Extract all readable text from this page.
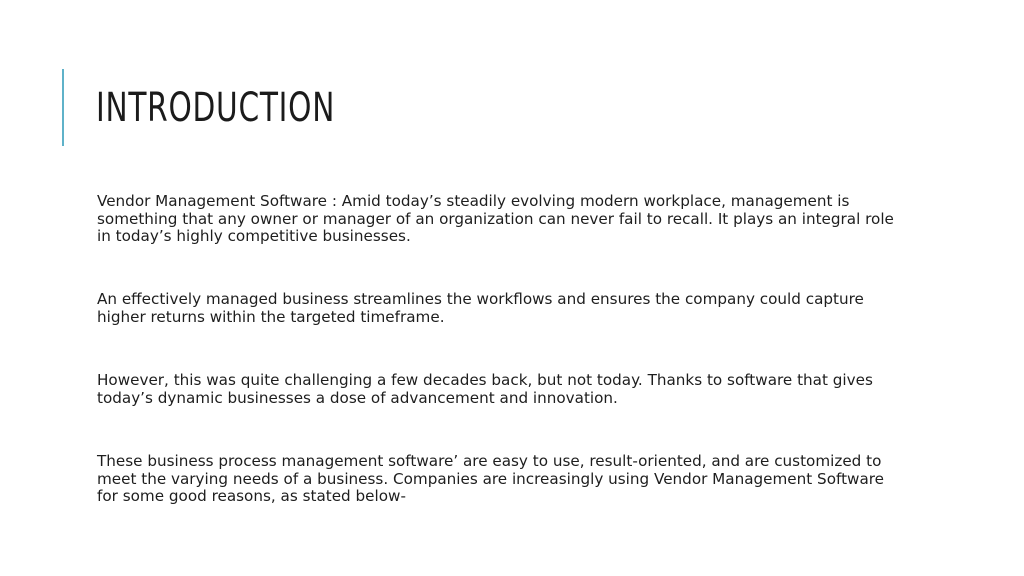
INTRODUCTION

Vendor Management Software : Amid today’s steadily evolving modern workplace, management is something that any owner or manager of an organization can never fail to recall. It plays an integral role in today’s highly competitive businesses.

An effectively managed business streamlines the workflows and ensures the company could capture higher returns within the targeted timeframe.

However, this was quite challenging a few decades back, but not today. Thanks to software that gives today’s dynamic businesses a dose of advancement and innovation.

These business process management software’ are easy to use, result-oriented, and are customized to meet the varying needs of a business. Companies are increasingly using Vendor Management Software for some good reasons, as stated below-
